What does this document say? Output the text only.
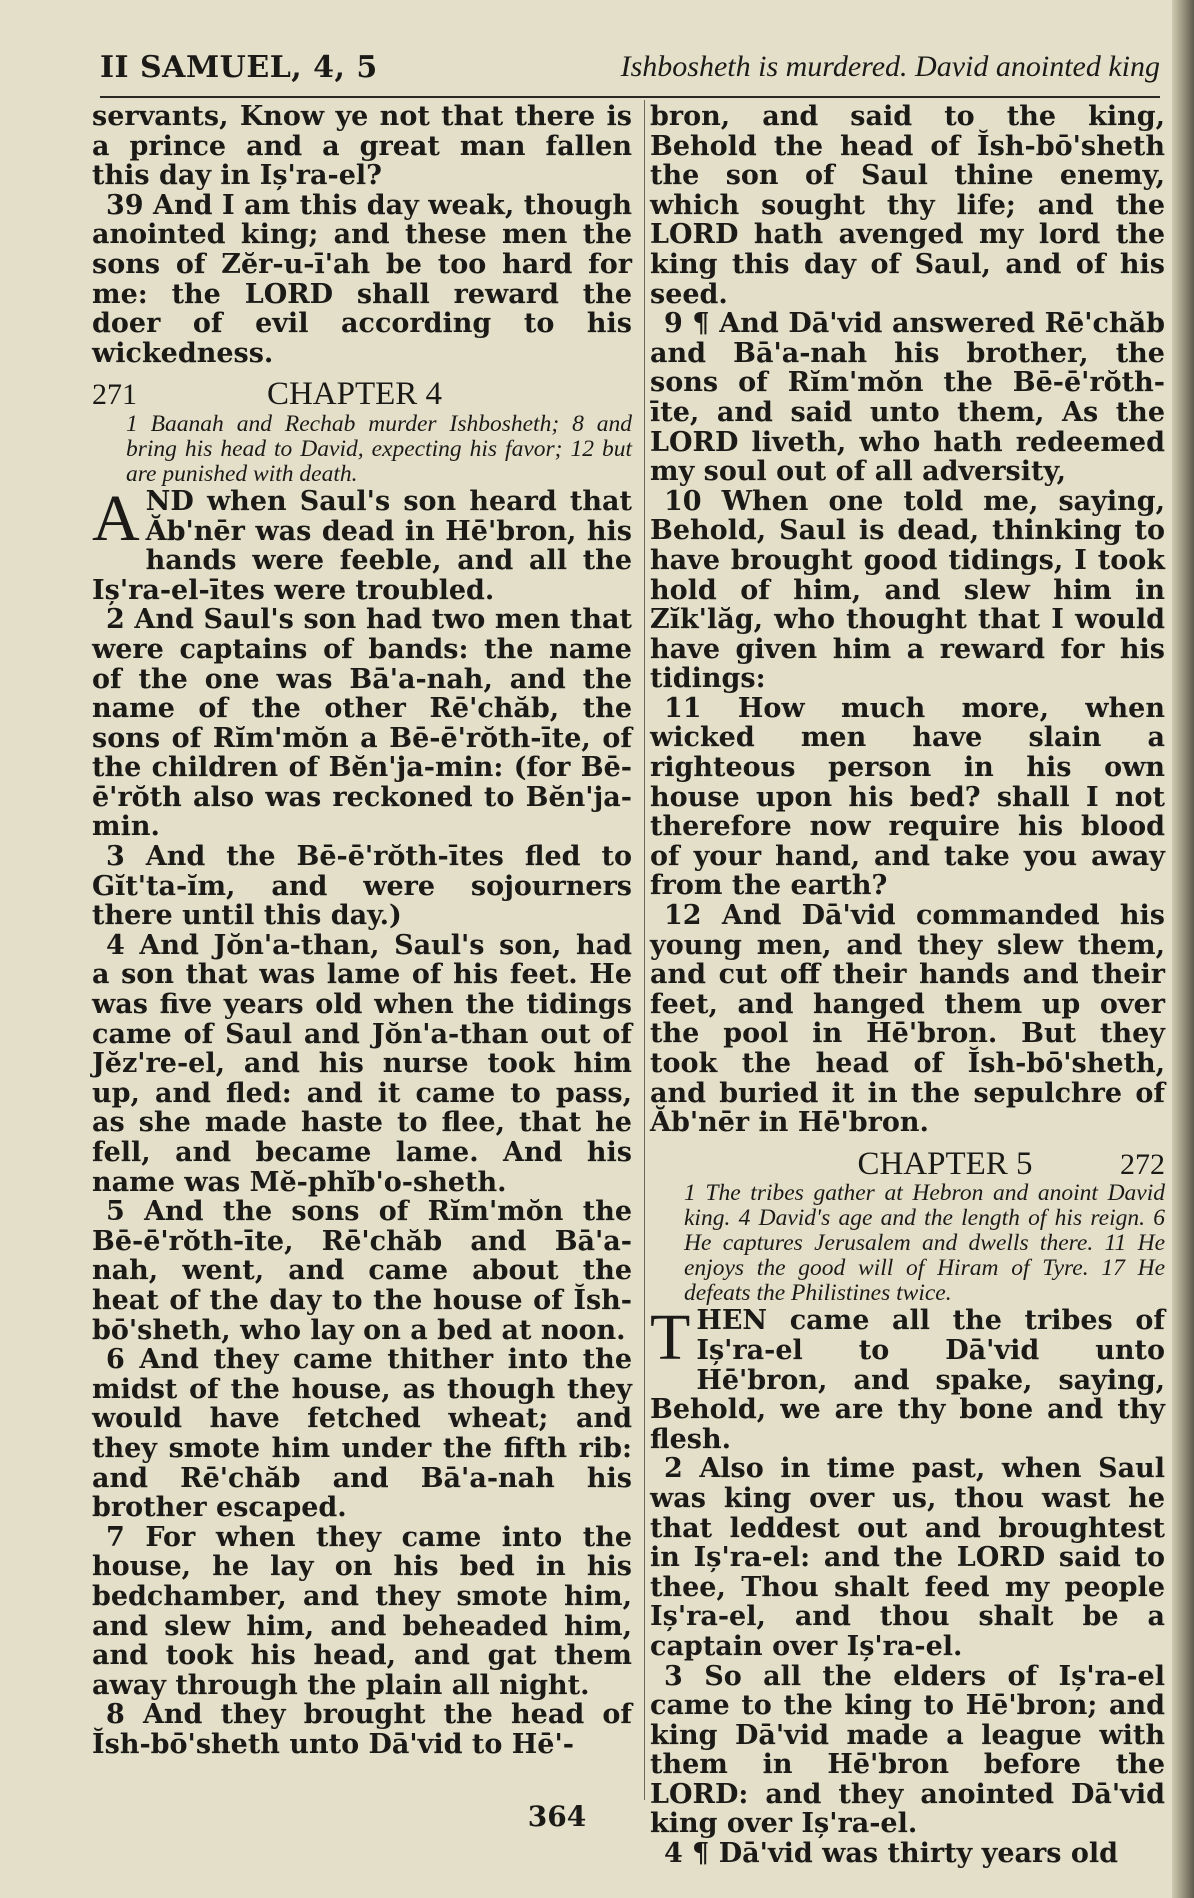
II SAMUEL, 4, 5	Ishbosheth is murdered. David anointed king

servants, Know ye not that there is a prince and a great man fallen this day in Iș'ra-el?

39 And I am this day weak, though anointed king; and these men the sons of Zĕr-u-ī'ah be too hard for me: the LORD shall reward the doer of evil according to his wickedness.

271	CHAPTER 4

1 Baanah and Rechab murder Ishbosheth; 8 and bring his head to David, expecting his favor; 12 but are punished with death.

AND when Saul's son heard that Ăb'nēr was dead in Hē'bron, his hands were feeble, and all the Iș'ra-el-ītes were troubled.

2 And Saul's son had two men that were captains of bands: the name of the one was Bā'a-nah, and the name of the other Rē'chăb, the sons of Rĭm'mŏn a Bē-ē'rŏth-īte, of the children of Bĕn'ja-min: (for Bē-ē'rŏth also was reckoned to Bĕn'ja-min.

3 And the Bē-ē'rŏth-ītes fled to Gĭt'ta-ĭm, and were sojourners there until this day.)

4 And Jŏn'a-than, Saul's son, had a son that was lame of his feet. He was five years old when the tidings came of Saul and Jŏn'a-than out of Jĕz're-el, and his nurse took him up, and fled: and it came to pass, as she made haste to flee, that he fell, and became lame. And his name was Mĕ-phĭb'o-sheth.

5 And the sons of Rĭm'mŏn the Bē-ē'rŏth-īte, Rē'chăb and Bā'a-nah, went, and came about the heat of the day to the house of Ĭsh-bō'sheth, who lay on a bed at noon.

6 And they came thither into the midst of the house, as though they would have fetched wheat; and they smote him under the fifth rib: and Rē'chăb and Bā'a-nah his brother escaped.

7 For when they came into the house, he lay on his bed in his bedchamber, and they smote him, and slew him, and beheaded him, and took his head, and gat them away through the plain all night.

8 And they brought the head of Ĭsh-bō'sheth unto Dā'vid to Hē'-

bron, and said to the king, Behold the head of Ĭsh-bō'sheth the son of Saul thine enemy, which sought thy life; and the LORD hath avenged my lord the king this day of Saul, and of his seed.

9 ¶ And Dā'vid answered Rē'chăb and Bā'a-nah his brother, the sons of Rĭm'mŏn the Bē-ē'rŏth-īte, and said unto them, As the LORD liveth, who hath redeemed my soul out of all adversity,

10 When one told me, saying, Behold, Saul is dead, thinking to have brought good tidings, I took hold of him, and slew him in Zĭk'lăg, who thought that I would have given him a reward for his tidings:

11 How much more, when wicked men have slain a righteous person in his own house upon his bed? shall I not therefore now require his blood of your hand, and take you away from the earth?

12 And Dā'vid commanded his young men, and they slew them, and cut off their hands and their feet, and hanged them up over the pool in Hē'bron. But they took the head of Ĭsh-bō'sheth, and buried it in the sepulchre of Ăb'nēr in Hē'bron.

CHAPTER 5	272

1 The tribes gather at Hebron and anoint David king. 4 David's age and the length of his reign. 6 He captures Jerusalem and dwells there. 11 He enjoys the good will of Hiram of Tyre. 17 He defeats the Philistines twice.

THEN came all the tribes of Iș'ra-el to Dā'vid unto Hē'bron, and spake, saying, Behold, we are thy bone and thy flesh.

2 Also in time past, when Saul was king over us, thou wast he that leddest out and broughtest in Iș'ra-el: and the LORD said to thee, Thou shalt feed my people Iș'ra-el, and thou shalt be a captain over Iș'ra-el.

3 So all the elders of Iș'ra-el came to the king to Hē'bron; and king Dā'vid made a league with them in Hē'bron before the LORD: and they anointed Dā'vid king over Iș'ra-el.

4 ¶ Dā'vid was thirty years old

364
